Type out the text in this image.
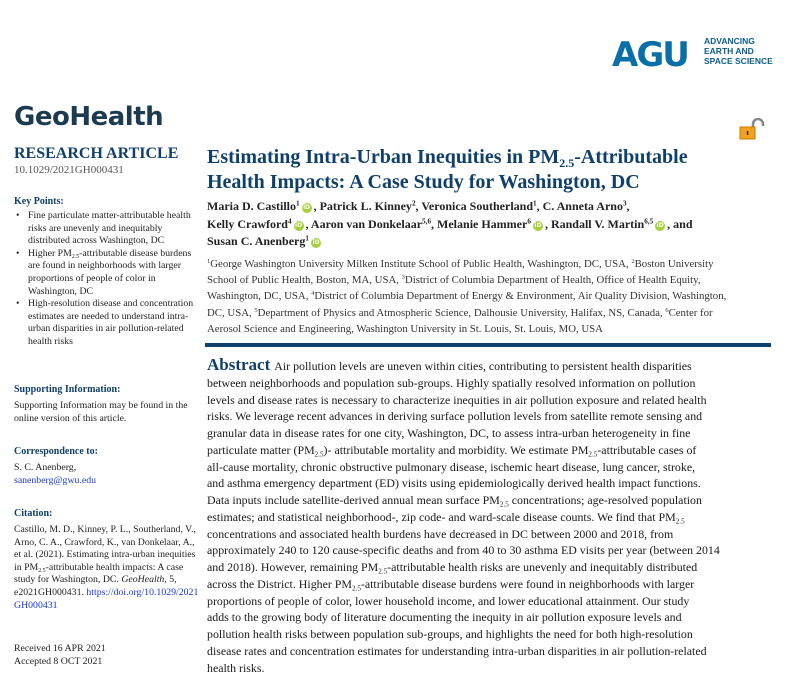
AGU ADVANCING
EARTH AND
SPACE SCIENCE
GeoHealth
RESEARCH ARTICLE
10.1029/2021GH000431
Key Points:
• Fine particulate matter-attributable health risks are unevenly and inequitably distributed across Washington, DC
• Higher $PM_{2.5}$-attributable disease burdens are found in neighborhoods with larger proportions of people of color in Washington, DC
• High-resolution disease and concentration estimates are needed to understand intra-urban disparities in air pollution-related health risks
Supporting Information:
Supporting Information may be found in the online version of this article.
Correspondence to:
S. C. Anenberg,
sanenberg@gwu.edu
Citation:
Castillo, M. D., Kinney, P. L., Southerland, V., Arno, C. A., Crawford, K., van Donkelaar, A., et al. (2021). Estimating intra-urban inequities in $PM_{2.5}$-attributable health impacts: A case study for Washington, DC. GeoHealth, 5, e2021GH000431. https://doi.org/10.1029/2021GH000431
Received 16 APR 2021
Accepted 8 OCT 2021
Estimating Intra-Urban Inequities in $PM_{2.5}$-Attributable
Health Impacts: A Case Study for Washington, DC
Maria D. Castillo$^1$ iD , Patrick L. Kinney$^2$, Veronica Southerland$^1$, C. Anneta Arno$^3$,
Kelly Crawford$^4$ iD , Aaron van Donkelaar$^{5,6}$, Melanie Hammer$^6$ iD , Randall V. Martin$^{6,5}$ iD , and
Susan C. Anenberg$^1$ iD
$^1$George Washington University Milken Institute School of Public Health, Washington, DC, USA, $^2$Boston University
School of Public Health, Boston, MA, USA, $^3$District of Columbia Department of Health, Office of Health Equity,
Washington, DC, USA, $^4$District of Columbia Department of Energy & Environment, Air Quality Division, Washington,
DC, USA, $^5$Department of Physics and Atmospheric Science, Dalhousie University, Halifax, NS, Canada, $^6$Center for
Aerosol Science and Engineering, Washington University in St. Louis, St. Louis, MO, USA
Abstract Air pollution levels are uneven within cities, contributing to persistent health disparities
between neighborhoods and population sub-groups. Highly spatially resolved information on pollution
levels and disease rates is necessary to characterize inequities in air pollution exposure and related health
risks. We leverage recent advances in deriving surface pollution levels from satellite remote sensing and
granular data in disease rates for one city, Washington, DC, to assess intra-urban heterogeneity in fine
particulate matter $(PM_{2.5})-$ attributable mortality and morbidity. We estimate $PM_{2.5}$-attributable cases of
all-cause mortality, chronic obstructive pulmonary disease, ischemic heart disease, lung cancer, stroke,
and asthma emergency department (ED) visits using epidemiologically derived health impact functions.
Data inputs include satellite-derived annual mean surface $PM_{2.5}$ concentrations; age-resolved population
estimates; and statistical neighborhood-, zip code- and ward-scale disease counts. We find that $PM_{2.5}$
concentrations and associated health burdens have decreased in DC between 2000 and 2018, from
approximately 240 to 120 cause-specific deaths and from 40 to 30 asthma ED visits per year (between 2014
and 2018). However, remaining $PM_{2.5}$-attributable health risks are unevenly and inequitably distributed
across the District. Higher $PM_{2.5}$-attributable disease burdens were found in neighborhoods with larger
proportions of people of color, lower household income, and lower educational attainment. Our study
adds to the growing body of literature documenting the inequity in air pollution exposure levels and
pollution health risks between population sub-groups, and highlights the need for both high-resolution
disease rates and concentration estimates for understanding intra-urban disparities in air pollution-related
health risks.
